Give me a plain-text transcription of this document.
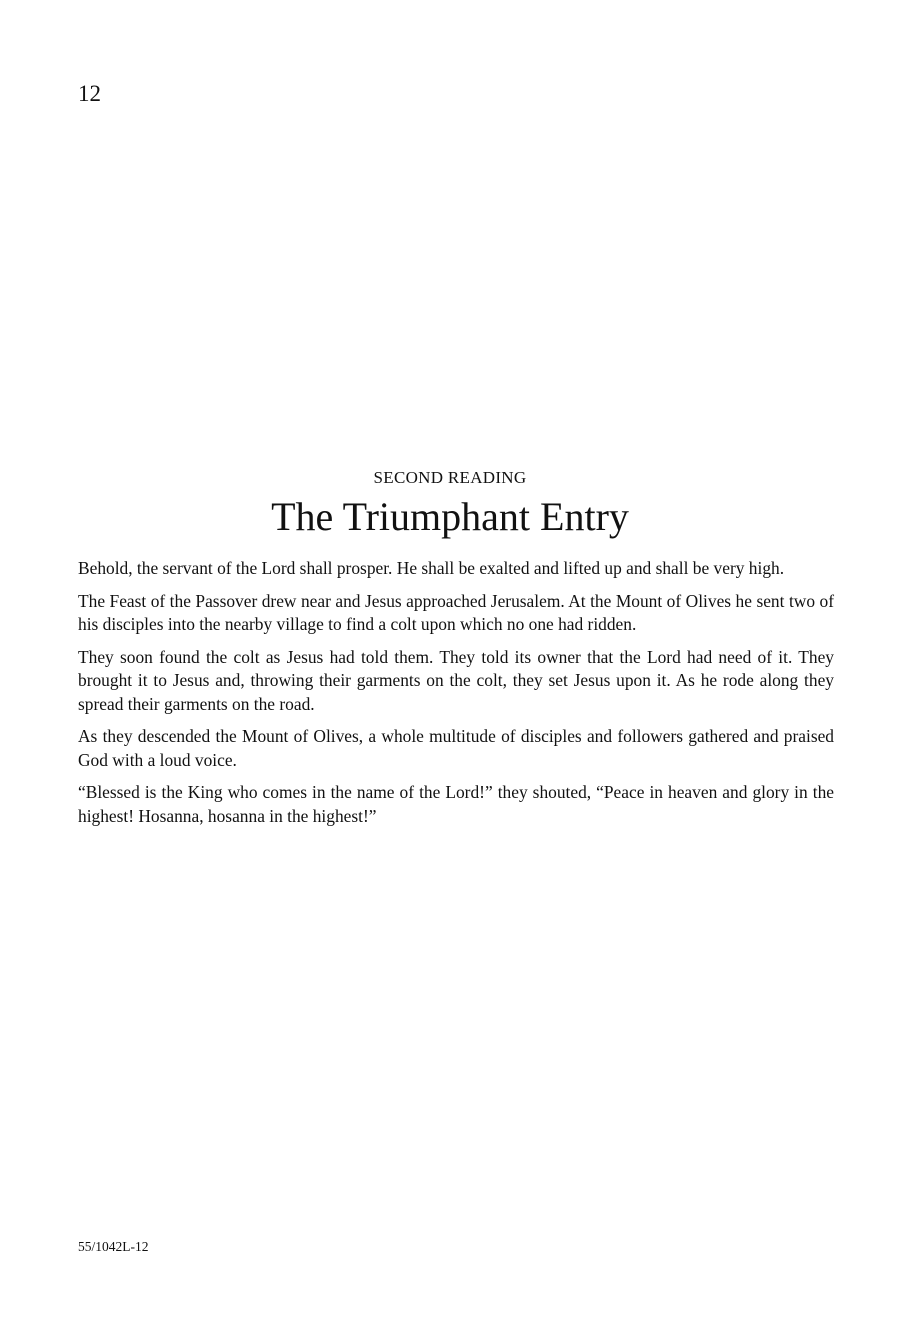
12
SECOND READING
The Triumphant Entry

Behold, the servant of the Lord shall prosper. He shall be exalted and lifted up and shall be very high.

The Feast of the Passover drew near and Jesus approached Jerusalem. At the Mount of Olives he sent two of his disciples into the nearby village to find a colt upon which no one had ridden.

They soon found the colt as Jesus had told them. They told its owner that the Lord had need of it. They brought it to Jesus and, throwing their garments on the colt, they set Jesus upon it. As he rode along they spread their garments on the road.

As they descended the Mount of Olives, a whole multitude of disciples and followers gathered and praised God with a loud voice.

“Blessed is the King who comes in the name of the Lord!” they shouted, “Peace in heaven and glory in the highest! Hosanna, hosanna in the highest!”

55/1042L-12
